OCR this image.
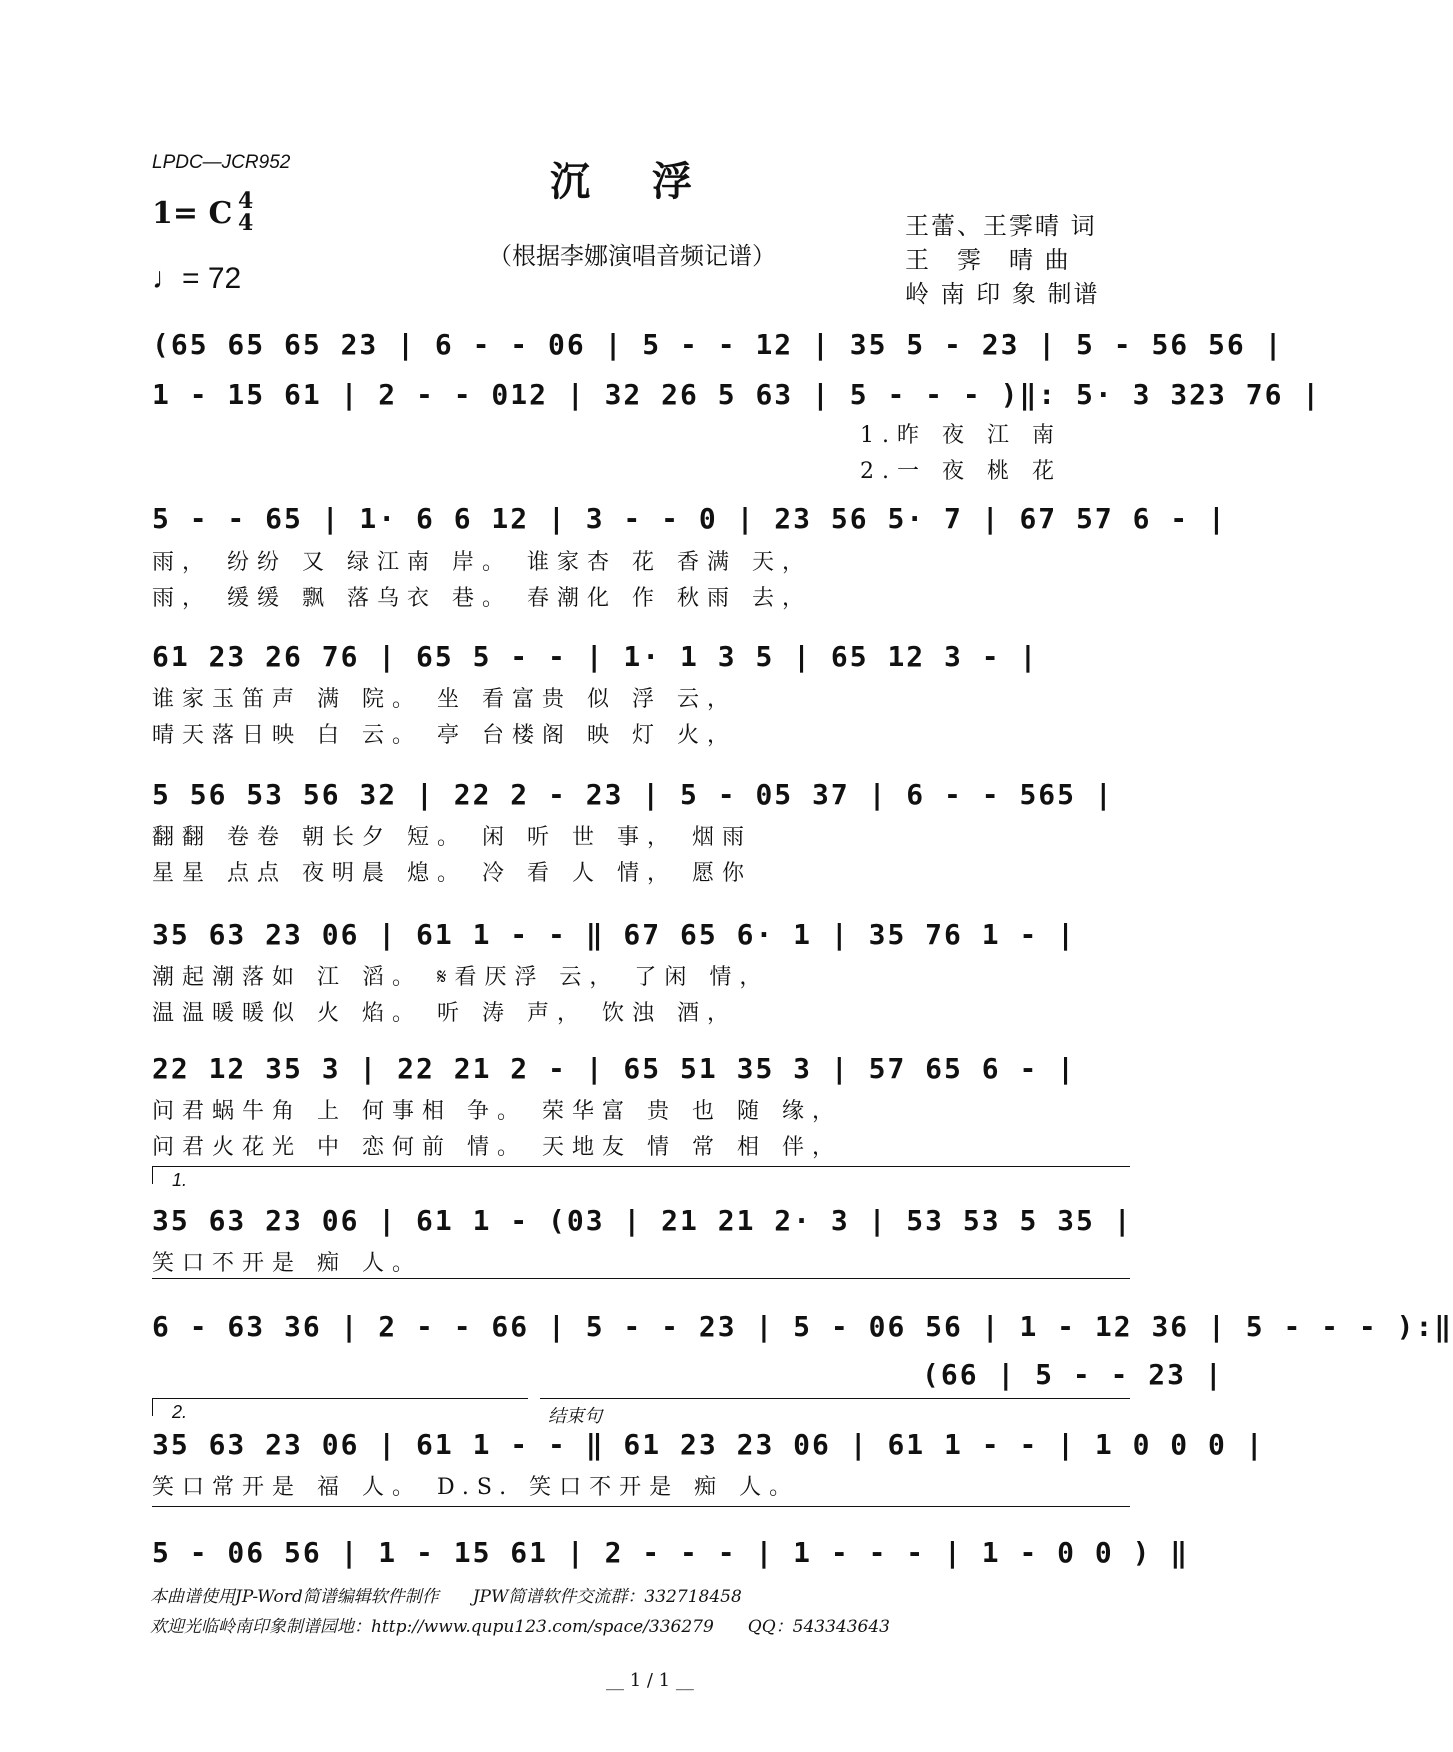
LPDC—JCR952	沉浮
（根据李娜演唱音频记谱）
王蕾、王霁晴 词
王　霁　晴 曲
岭 南 印 象 制谱
1= C 4
4
♩= 72
(65 65 65 23 | 6 - - 06 | 5 - - 12 | 35 5 - 23 | 5 - 56 56 |
1 - 15 61 | 2 - - 012 | 32 26 5 63 | 5 - - - )‖: 5· 3 323 76 |
1.昨 夜 江 南
2.一 夜 桃 花
5 - - 65 | 1· 6 6 12 | 3 - - 0 | 23 56 5· 7 | 67 57 6 - |
雨， 纷纷 又 绿江南 岸。 谁家杏 花 香满 天，
雨， 缓缓 飘 落乌衣 巷。 春潮化 作 秋雨 去，
61 23 26 76 | 65 5 - - | 1· 1 3 5 | 65 12 3 - |
谁家玉笛声 满 院。 坐 看富贵 似 浮 云，
晴天落日映 白 云。 亭 台楼阁 映 灯 火，
5 56 53 56 32 | 22 2 - 23 | 5 - 05 37 | 6 - - 565 |
翻翻 卷卷 朝长夕 短。 闲 听 世 事， 烟雨
星星 点点 夜明晨 熄。 冷 看 人 情， 愿你
35 63 23 06 | 61 1 - - ‖ 67 65 6· 1 | 35 76 1 - |
潮起潮落如 江 滔。 𝄋看厌浮 云， 了闲 情，
温温暖暖似 火 焰。 听 涛 声， 饮浊 酒，
22 12 35 3 | 22 21 2 - | 65 51 35 3 | 57 65 6 - |
问君蜗牛角 上 何事相 争。 荣华富 贵 也 随 缘，
问君火花光 中 恋何前 情。 天地友 情 常 相 伴，
1.
35 63 23 06 | 61 1 - (03 | 21 21 2· 3 | 53 53 5 35 |
笑口不开是 痴 人。
6 - 63 36 | 2 - - 66 | 5 - - 23 | 5 - 06 56 | 1 - 12 36 | 5 - - - ):‖
(66 | 5 - - 23 |
2.	结束句
35 63 23 06 | 61 1 - - ‖ 61 23 23 06 | 61 1 - - | 1 0 0 0 |
笑口常开是 福 人。 D.S. 笑口不开是 痴 人。
5 - 06 56 | 1 - 15 61 | 2 - - - | 1 - - - | 1 - 0 0 ) ‖
本曲谱使用JP-Word简谱编辑软件制作　　JPW简谱软件交流群：332718458
欢迎光临岭南印象制谱园地：http://www.qupu123.com/space/336279　　QQ：543343643
__ 1 / 1 __
